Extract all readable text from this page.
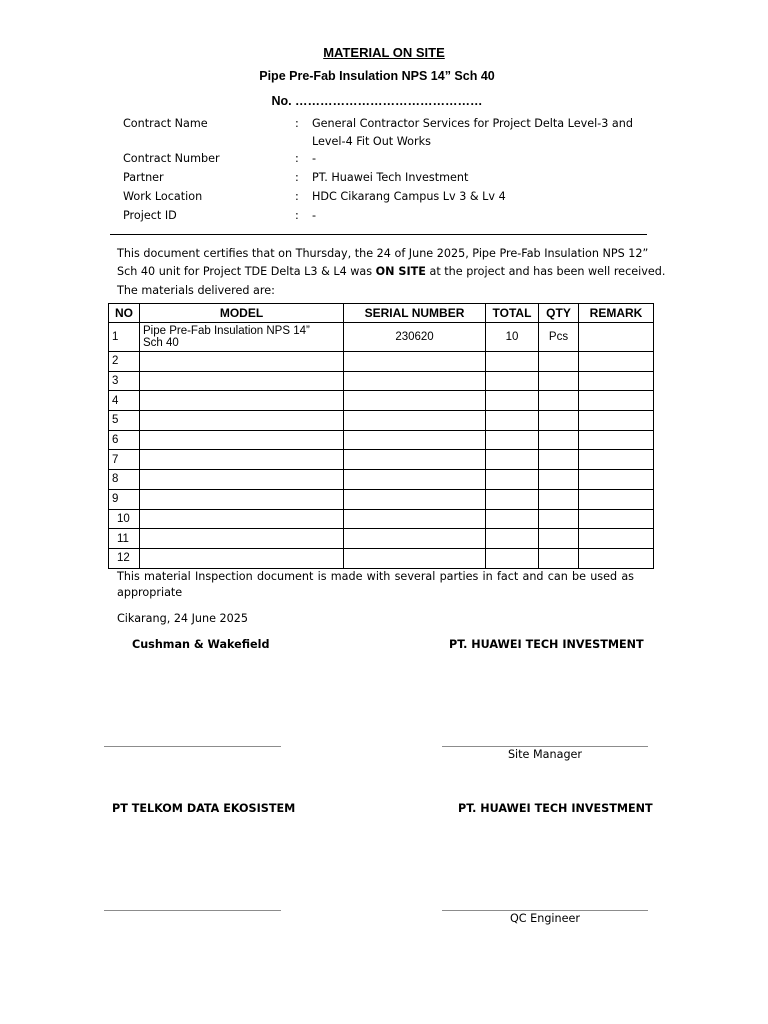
MATERIAL ON SITE
Pipe Pre-Fab Insulation NPS 14” Sch 40
No. ………………………………………
Contract Name	: General Contractor Services for Project Delta Level-3 and
Level-4 Fit Out Works
Contract Number	: -
Partner	: PT. Huawei Tech Investment
Work Location	: HDC Cikarang Campus Lv 3 & Lv 4
Project ID	: -
This document certifies that on Thursday, the 24 of June 2025, Pipe Pre-Fab Insulation NPS 12”
Sch 40 unit for Project TDE Delta L3 & L4 was ON SITE at the project and has been well received.
The materials delivered are:
NO	MODEL	SERIAL NUMBER	TOTAL	QTY	REMARK
1	Pipe Pre-Fab Insulation NPS 14”
Sch 40	230620	10	Pcs	
2					
3					
4					
5					
6					
7					
8					
9					
10					
11					
12					
This material Inspection document is made with several parties in fact and can be used as
appropriate
Cikarang, 24 June 2025
Cushman & Wakefield	PT. HUAWEI TECH INVESTMENT
Site Manager
PT TELKOM DATA EKOSISTEM	PT. HUAWEI TECH INVESTMENT
QC Engineer
